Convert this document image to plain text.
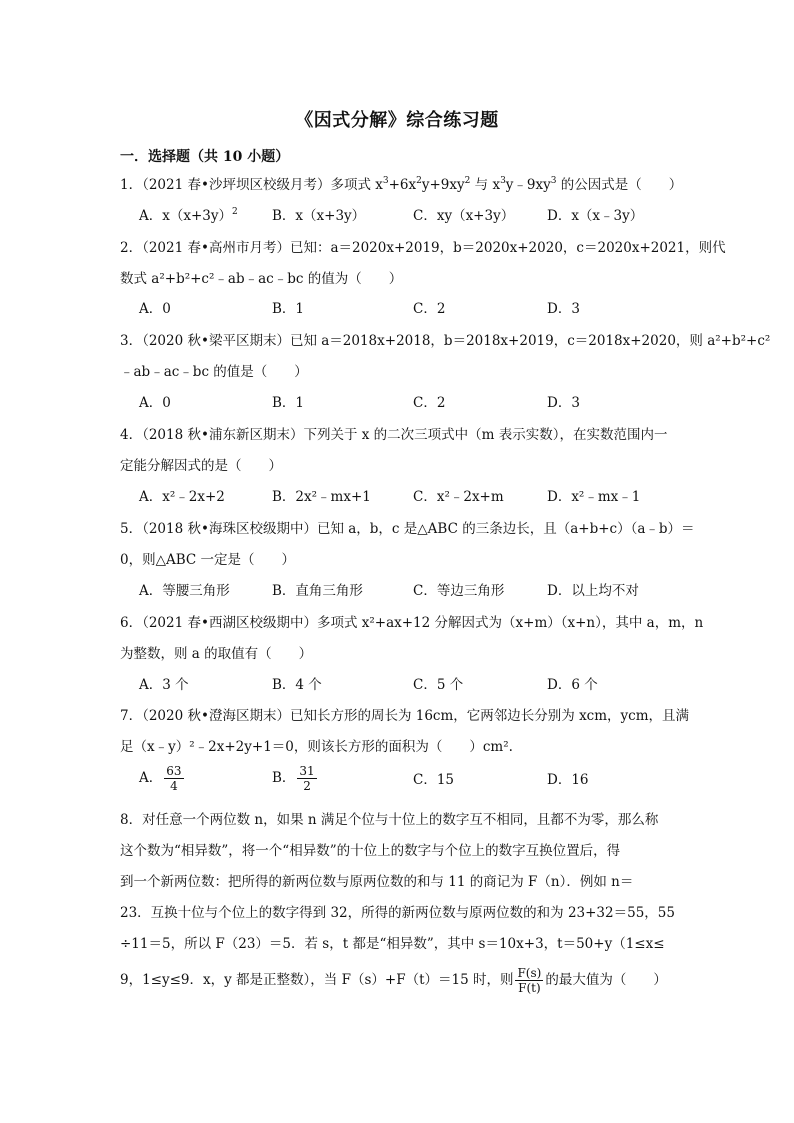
《因式分解》综合练习题
一．选择题（共 10 小题）
1．（2021 春•沙坪坝区校级月考）多项式 $x^3+6x^2y+9xy^2$ 与 $x^3y﹣9xy^3$ 的公因式是（　　）
A．$x(x+3y)^2$	B．x（x+3y）	C．xy（x+3y） D．x（x﹣3y）
2．（2021 春•高州市月考）已知：a＝2020x+2019，b＝2020x+2020，c＝2020x+2021，则代
数式 a²+b²+c²﹣ab﹣ac﹣bc 的值为（　　）
A．0	B．1	C．2	D．3
3．（2020 秋•梁平区期末）已知 a＝2018x+2018，b＝2018x+2019，c＝2018x+2020，则 a²+b²+c²
﹣ab﹣ac﹣bc 的值是（　　）
A．0	B．1	C．2	D．3
4．（2018 秋•浦东新区期末）下列关于 x 的二次三项式中（m 表示实数），在实数范围内一
定能分解因式的是（　　）
A．x²﹣2x+2	B．2x²﹣mx+1	C．x²﹣2x+m	D．x²﹣mx﹣1
5．（2018 秋•海珠区校级期中）已知 a，b，c 是△ABC 的三条边长，且（a+b+c）（a﹣b）＝
0，则△ABC 一定是（　　）
A．等腰三角形	B．直角三角形	C．等边三角形	D．以上均不对
6．（2021 春•西湖区校级期中）多项式 x²+ax+12 分解因式为（x+m）（x+n），其中 a，m，n
为整数，则 a 的取值有（　　）
A．3 个	B．4 个	C．5 个	D．6 个
7．（2020 秋•澄海区期末）已知长方形的周长为 16cm，它两邻边长分别为 xcm，ycm，且满
足（x﹣y）²﹣2x+2y+1＝0，则该长方形的面积为（　　）cm².
A． $\frac{63}{4}$	B． $\frac{31}{2}$	C．15	D．16
8．对任意一个两位数 n，如果 n 满足个位与十位上的数字互不相同，且都不为零，那么称
这个数为“相异数”，将一个“相异数”的十位上的数字与个位上的数字互换位置后，得
到一个新两位数：把所得的新两位数与原两位数的和与 11 的商记为 F（n）．例如 n＝
23．互换十位与个位上的数字得到 32，所得的新两位数与原两位数的和为 23+32＝55，55
÷11＝5，所以 F（23）＝5．若 s，t 都是“相异数”，其中 s＝10x+3，t＝50+y（1≤x≤
9，1≤y≤9．x，y 都是正整数），当 F（s）+F（t）＝15 时，则 $\frac{F(s)}{F(t)}$ 的最大值为（　　）
